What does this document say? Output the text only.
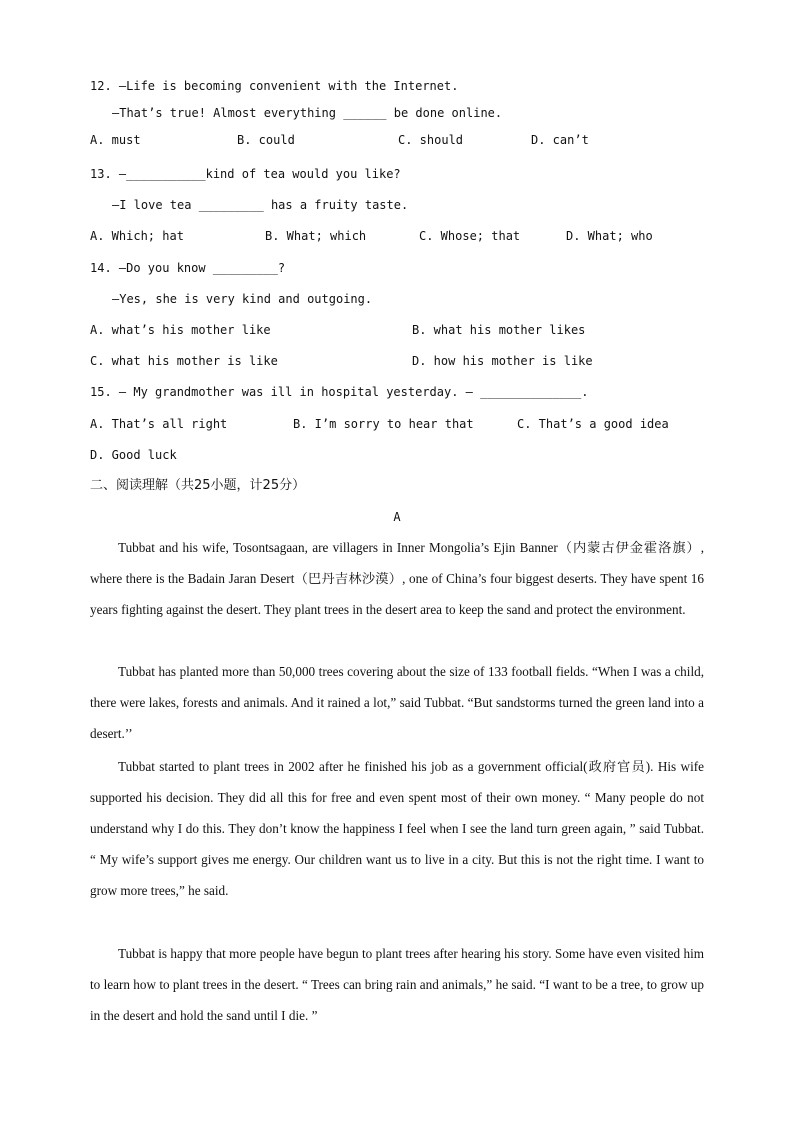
12. —Life is becoming convenient with the Internet.
—That’s true! Almost everything ______ be done online.
A. must	B. could	C. should	D. can’t
13. —___________kind of tea would you like?
—I love tea _________ has a fruity taste.
A. Which; hat	B. What; which	C. Whose; that	D. What; who
14. —Do you know _________?
—Yes, she is very kind and outgoing.
A. what’s his mother like	B. what his mother likes
C. what his mother is like	D. how his mother is like
15. — My grandmother was ill in hospital yesterday. — ______________.
A. That’s all right	B. I’m sorry to hear that	C. That’s a good idea
D. Good luck
二、阅读理解（共25小题，计25分）
A

Tubbat and his wife, Tosontsagaan, are villagers in Inner Mongolia’s Ejin Banner（内蒙古伊金霍洛旗）, where there is the Badain Jaran Desert（巴丹吉林沙漠）, one of China’s four biggest deserts. They have spent 16 years fighting against the desert. They plant trees in the desert area to keep the sand and protect the environment.

Tubbat has planted more than 50,000 trees covering about the size of 133 football fields. “When I was a child, there were lakes, forests and animals. And it rained a lot,” said Tubbat. “But sandstorms turned the green land into a desert.’’

Tubbat started to plant trees in 2002 after he finished his job as a government official(政府官员). His wife supported his decision. They did all this for free and even spent most of their own money. “ Many people do not understand why I do this. They don’t know the happiness I feel when I see the land turn green again, ” said Tubbat. “ My wife’s support gives me energy. Our children want us to live in a city. But this is not the right time. I want to grow more trees,” he said.

Tubbat is happy that more people have begun to plant trees after hearing his story. Some have even visited him to learn how to plant trees in the desert. “ Trees can bring rain and animals,” he said. “I want to be a tree, to grow up in the desert and hold the sand until I die. ”
